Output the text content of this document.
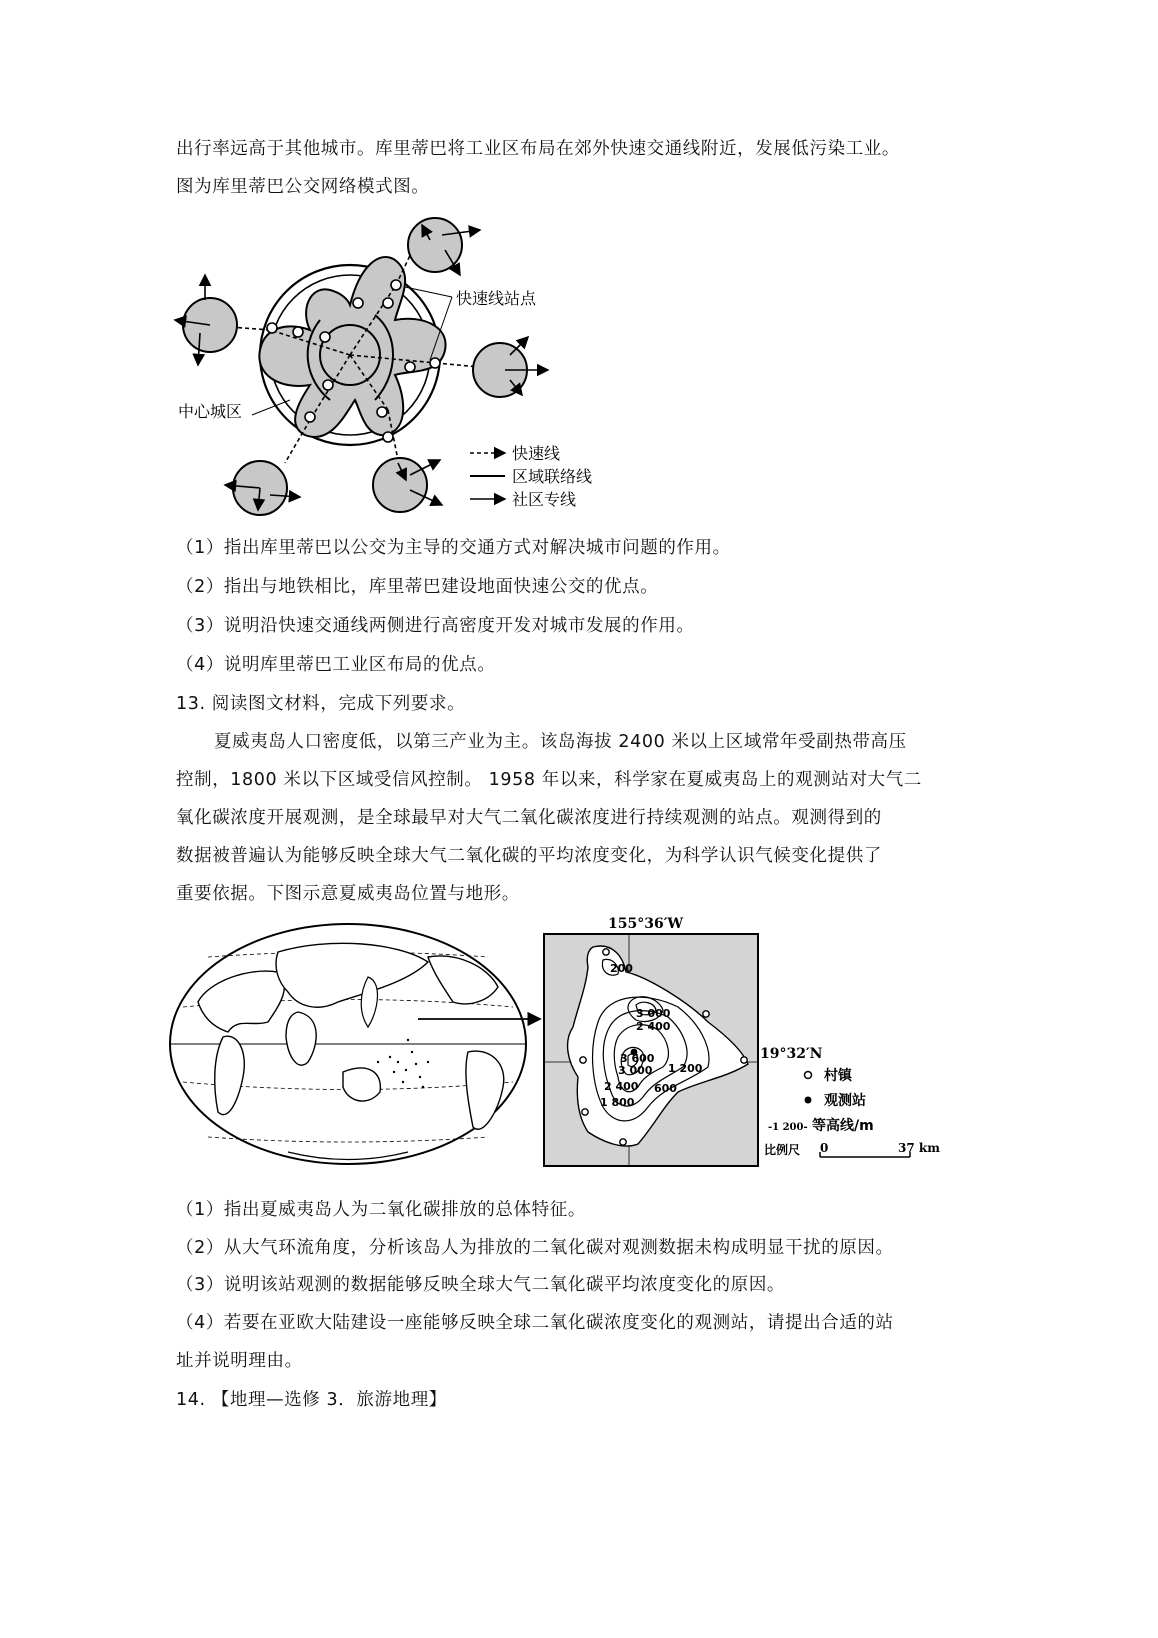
出行率远高于其他城市。库里蒂巴将工业区布局在郊外快速交通线附近，发展低污染工业。
图为库里蒂巴公交网络模式图。
快速线站点
中心城区
快速线
区域联络线
社区专线
（1）指出库里蒂巴以公交为主导的交通方式对解决城市问题的作用。
（2）指出与地铁相比，库里蒂巴建设地面快速公交的优点。
（3）说明沿快速交通线两侧进行高密度开发对城市发展的作用。
（4）说明库里蒂巴工业区布局的优点。
13. 阅读图文材料，完成下列要求。
夏威夷岛人口密度低，以第三产业为主。该岛海拔 2400 米以上区域常年受副热带高压
控制，1800 米以下区域受信风控制。 1958 年以来，科学家在夏威夷岛上的观测站对大气二
氧化碳浓度开展观测，是全球最早对大气二氧化碳浓度进行持续观测的站点。观测得到的
数据被普遍认为能够反映全球大气二氧化碳的平均浓度变化，为科学认识气候变化提供了
重要依据。下图示意夏威夷岛位置与地形。
200
3 000
2 400
3 600
3 000
2 400
1 800
1 200
600
155°36′W
19°32′N
村镇
观测站
-1 200- 等高线/m
比例尺 0	37 km
（1）指出夏威夷岛人为二氧化碳排放的总体特征。
（2）从大气环流角度，分析该岛人为排放的二氧化碳对观测数据未构成明显干扰的原因。
（3）说明该站观测的数据能够反映全球大气二氧化碳平均浓度变化的原因。
（4）若要在亚欧大陆建设一座能够反映全球二氧化碳浓度变化的观测站，请提出合适的站
址并说明理由。
14. 【地理—选修 3．旅游地理】
